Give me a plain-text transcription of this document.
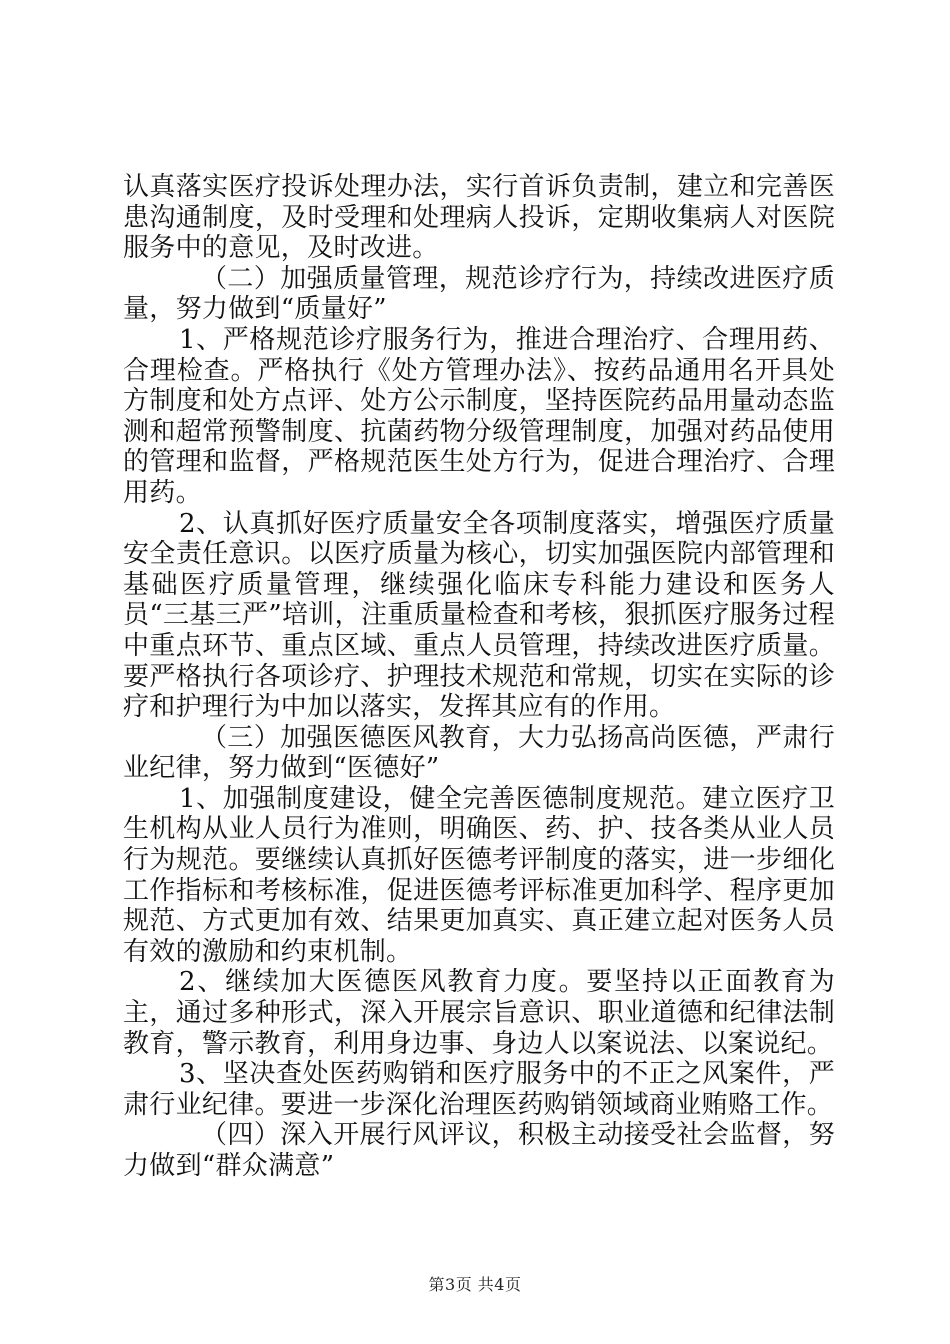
认真落实医疗投诉处理办法，实行首诉负责制，建立和完善医患沟通制度，及时受理和处理病人投诉，定期收集病人对医院服务中的意见，及时改进。

（二）加强质量管理，规范诊疗行为，持续改进医疗质量，努力做到“质量好”

1、严格规范诊疗服务行为，推进合理治疗、合理用药、合理检查。严格执行《处方管理办法》、按药品通用名开具处方制度和处方点评、处方公示制度，坚持医院药品用量动态监测和超常预警制度、抗菌药物分级管理制度，加强对药品使用的管理和监督，严格规范医生处方行为，促进合理治疗、合理用药。

2、认真抓好医疗质量安全各项制度落实，增强医疗质量安全责任意识。以医疗质量为核心，切实加强医院内部管理和基础医疗质量管理，继续强化临床专科能力建设和医务人员“三基三严”培训，注重质量检查和考核，狠抓医疗服务过程中重点环节、重点区域、重点人员管理，持续改进医疗质量。要严格执行各项诊疗、护理技术规范和常规，切实在实际的诊疗和护理行为中加以落实，发挥其应有的作用。

（三）加强医德医风教育，大力弘扬高尚医德，严肃行业纪律，努力做到“医德好”

1、加强制度建设，健全完善医德制度规范。建立医疗卫生机构从业人员行为准则，明确医、药、护、技各类从业人员行为规范。要继续认真抓好医德考评制度的落实，进一步细化工作指标和考核标准，促进医德考评标准更加科学、程序更加规范、方式更加有效、结果更加真实、真正建立起对医务人员有效的激励和约束机制。

2、继续加大医德医风教育力度。要坚持以正面教育为主，通过多种形式，深入开展宗旨意识、职业道德和纪律法制教育，警示教育，利用身边事、身边人以案说法、以案说纪。

3、坚决查处医药购销和医疗服务中的不正之风案件，严肃行业纪律。要进一步深化治理医药购销领域商业贿赂工作。

（四）深入开展行风评议，积极主动接受社会监督，努力做到“群众满意”

第3页 共4页
